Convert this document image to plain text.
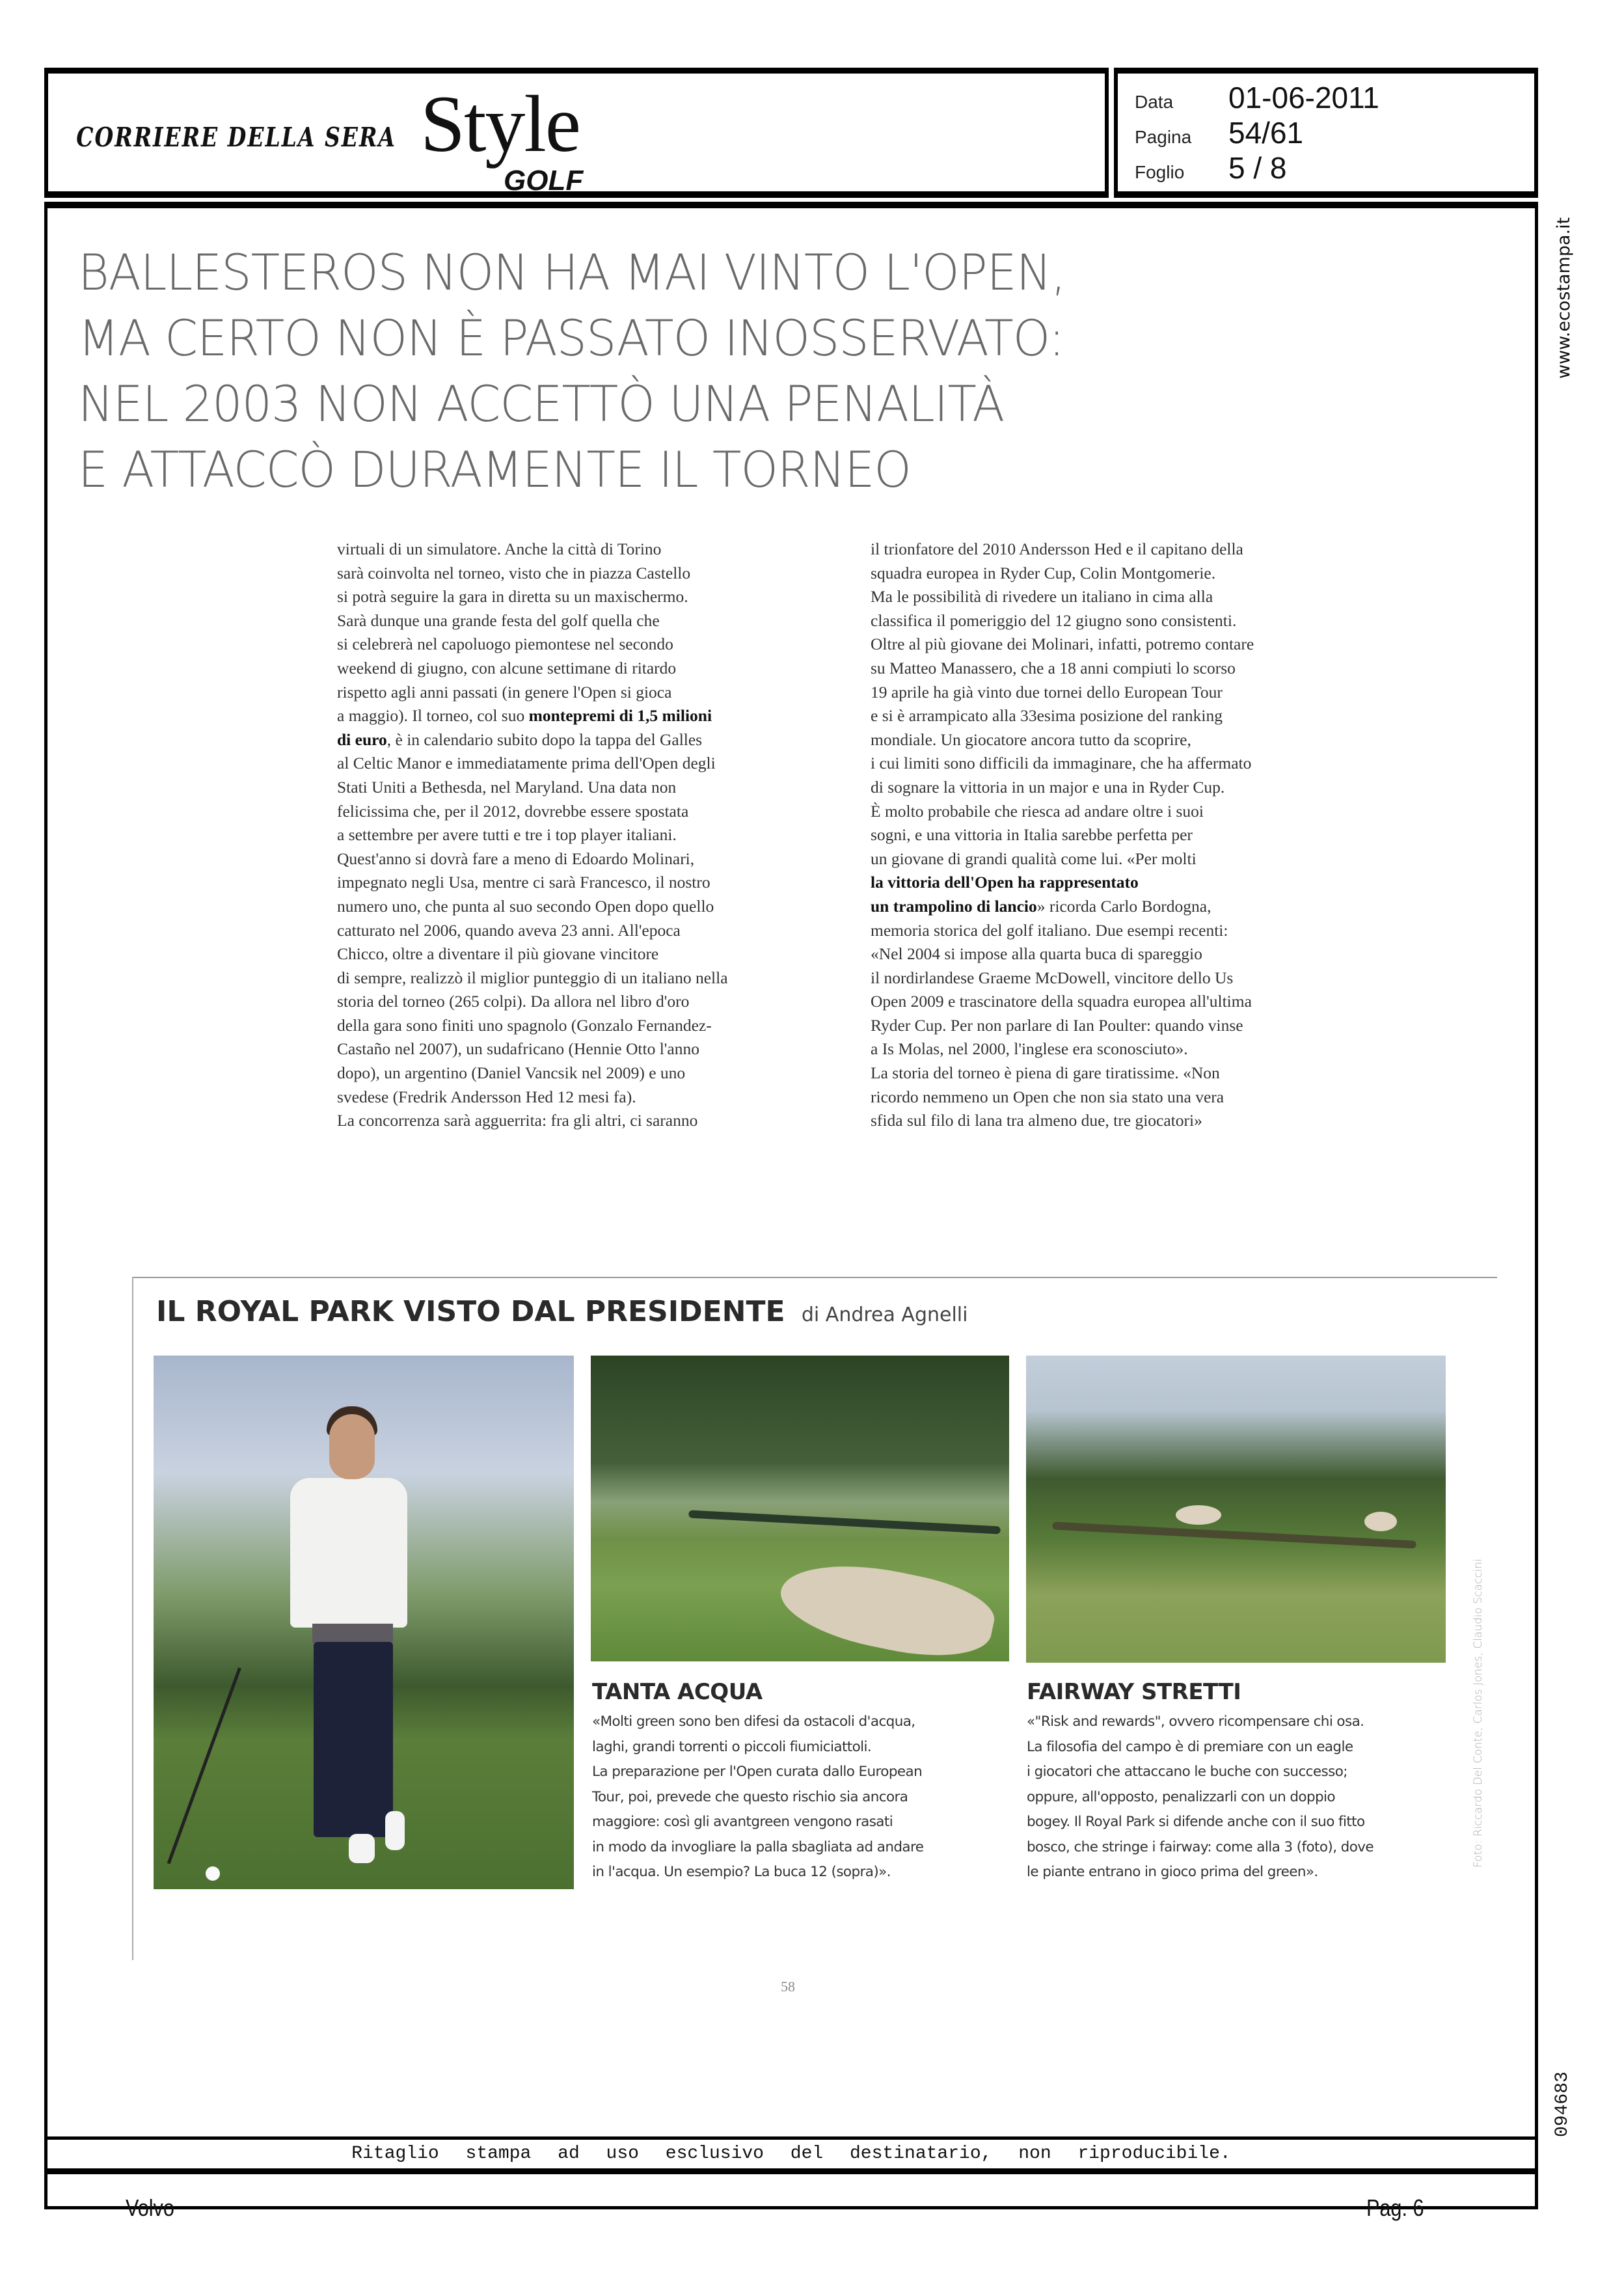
CORRIERE DELLA SERA Style
GOLF
Data	01-06-2011
Pagina	54/61
Foglio	5 / 8
www.ecostampa.it
BALLESTEROS NON HA MAI VINTO L'OPEN,
MA CERTO NON È PASSATO INOSSERVATO:
NEL 2003 NON ACCETTÒ UNA PENALITÀ
E ATTACCÒ DURAMENTE IL TORNEO

virtuali di un simulatore. Anche la città di Torino

sarà coinvolta nel torneo, visto che in piazza Castello

si potrà seguire la gara in diretta su un maxischermo.

Sarà dunque una grande festa del golf quella che

si celebrerà nel capoluogo piemontese nel secondo

weekend di giugno, con alcune settimane di ritardo

rispetto agli anni passati (in genere l'Open si gioca

a maggio). Il torneo, col suo montepremi di 1,5 milioni

di euro, è in calendario subito dopo la tappa del Galles

al Celtic Manor e immediatamente prima dell'Open degli

Stati Uniti a Bethesda, nel Maryland. Una data non

felicissima che, per il 2012, dovrebbe essere spostata

a settembre per avere tutti e tre i top player italiani.

Quest'anno si dovrà fare a meno di Edoardo Molinari,

impegnato negli Usa, mentre ci sarà Francesco, il nostro

numero uno, che punta al suo secondo Open dopo quello

catturato nel 2006, quando aveva 23 anni. All'epoca

Chicco, oltre a diventare il più giovane vincitore

di sempre, realizzò il miglior punteggio di un italiano nella

storia del torneo (265 colpi). Da allora nel libro d'oro

della gara sono finiti uno spagnolo (Gonzalo Fernandez-

Castaño nel 2007), un sudafricano (Hennie Otto l'anno

dopo), un argentino (Daniel Vancsik nel 2009) e uno

svedese (Fredrik Andersson Hed 12 mesi fa).

La concorrenza sarà agguerrita: fra gli altri, ci saranno

il trionfatore del 2010 Andersson Hed e il capitano della

squadra europea in Ryder Cup, Colin Montgomerie.

Ma le possibilità di rivedere un italiano in cima alla

classifica il pomeriggio del 12 giugno sono consistenti.

Oltre al più giovane dei Molinari, infatti, potremo contare

su Matteo Manassero, che a 18 anni compiuti lo scorso

19 aprile ha già vinto due tornei dello European Tour

e si è arrampicato alla 33esima posizione del ranking

mondiale. Un giocatore ancora tutto da scoprire,

i cui limiti sono difficili da immaginare, che ha affermato

di sognare la vittoria in un major e una in Ryder Cup.

È molto probabile che riesca ad andare oltre i suoi

sogni, e una vittoria in Italia sarebbe perfetta per

un giovane di grandi qualità come lui. «Per molti

la vittoria dell'Open ha rappresentato

un trampolino di lancio» ricorda Carlo Bordogna,

memoria storica del golf italiano. Due esempi recenti:

«Nel 2004 si impose alla quarta buca di spareggio

il nordirlandese Graeme McDowell, vincitore dello Us

Open 2009 e trascinatore della squadra europea all'ultima

Ryder Cup. Per non parlare di Ian Poulter: quando vinse

a Is Molas, nel 2000, l'inglese era sconosciuto».

La storia del torneo è piena di gare tiratissime. «Non

ricordo nemmeno un Open che non sia stato una vera

sfida sul filo di lana tra almeno due, tre giocatori»

IL ROYAL PARK VISTO DAL PRESIDENTE di Andrea Agnelli
TANTA ACQUA

«Molti green sono ben difesi da ostacoli d'acqua,

laghi, grandi torrenti o piccoli fiumiciattoli.

La preparazione per l'Open curata dallo European

Tour, poi, prevede che questo rischio sia ancora

maggiore: così gli avantgreen vengono rasati

in modo da invogliare la palla sbagliata ad andare

in l'acqua. Un esempio? La buca 12 (sopra)».

FAIRWAY STRETTI

«"Risk and rewards", ovvero ricompensare chi osa.

La filosofia del campo è di premiare con un eagle

i giocatori che attaccano le buche con successo;

oppure, all'opposto, penalizzarli con un doppio

bogey. Il Royal Park si difende anche con il suo fitto

bosco, che stringe i fairway: come alla 3 (foto), dove

le piante entrano in gioco prima del green».

Foto: Riccardo Del Conte, Carlos Jones, Claudio Scaccini
58
094683
Ritaglio stampa ad uso esclusivo del destinatario, non riproducibile.
Volvo	Pag. 6
